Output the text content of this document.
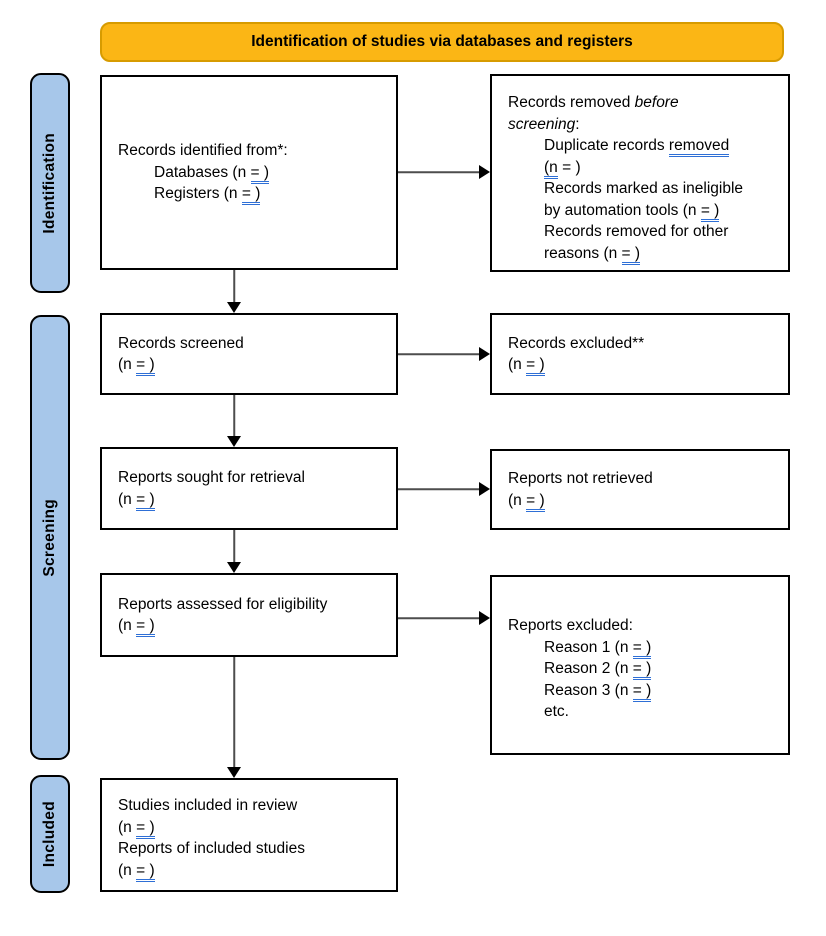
Identification of studies via databases and registers
Identification
Screening
Included
Records identified from*:
Databases (n = )
Registers (n = )
Records removed before
screening:
Duplicate records removed
(n = )
Records marked as ineligible
by automation tools (n = )
Records removed for other
reasons (n = )
Records screened
(n = )
Records excluded**
(n = )
Reports sought for retrieval
(n = )
Reports not retrieved
(n = )
Reports assessed for eligibility
(n = )	Reports excluded:
Reason 1 (n = )
Reason 2 (n = )
Reason 3 (n = )
etc.
Studies included in review
(n = )
Reports of included studies
(n = )
